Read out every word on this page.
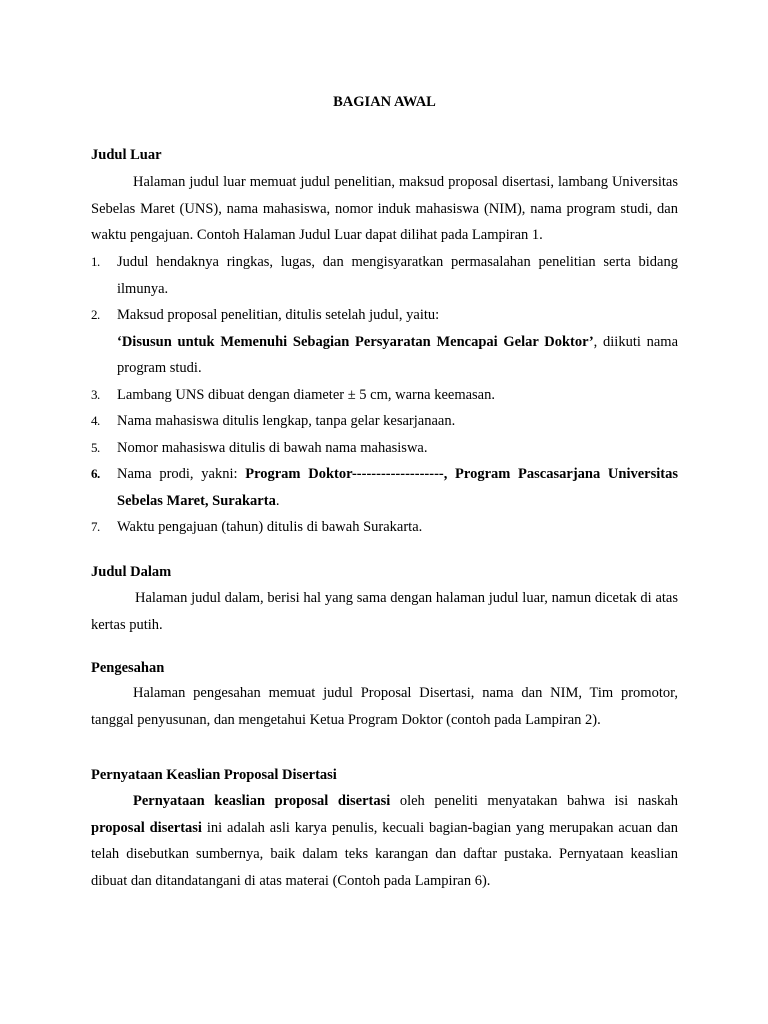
BAGIAN AWAL
Judul Luar

Halaman judul luar memuat judul penelitian, maksud proposal disertasi, lambang Universitas Sebelas Maret (UNS), nama mahasiswa, nomor induk mahasiswa (NIM), nama program studi, dan waktu pengajuan. Contoh Halaman Judul Luar dapat dilihat pada Lampiran 1.

1.	Judul hendaknya ringkas, lugas, dan mengisyaratkan permasalahan penelitian serta bidang ilmunya.
2.	Maksud proposal penelitian, ditulis setelah judul, yaitu:
‘Disusun untuk Memenuhi Sebagian Persyaratan Mencapai Gelar Doktor’, diikuti nama program studi.
3.	Lambang UNS dibuat dengan diameter ± 5 cm, warna keemasan.
4.	Nama mahasiswa ditulis lengkap, tanpa gelar kesarjanaan.
5.	Nomor mahasiswa ditulis di bawah nama mahasiswa.
6.	Nama prodi, yakni: Program Doktor-------------------, Program Pascasarjana Universitas Sebelas Maret, Surakarta.
7.	Waktu pengajuan (tahun) ditulis di bawah Surakarta.
Judul Dalam

Halaman judul dalam, berisi hal yang sama dengan halaman judul luar, namun dicetak di atas kertas putih.

Pengesahan

Halaman pengesahan memuat judul Proposal Disertasi, nama dan NIM, Tim promotor, tanggal penyusunan, dan mengetahui Ketua Program Doktor (contoh pada Lampiran 2).

Pernyataan Keaslian Proposal Disertasi

Pernyataan keaslian proposal disertasi oleh peneliti menyatakan bahwa isi naskah proposal disertasi ini adalah asli karya penulis, kecuali bagian-bagian yang merupakan acuan dan telah disebutkan sumbernya, baik dalam teks karangan dan daftar pustaka. Pernyataan keaslian dibuat dan ditandatangani di atas materai (Contoh pada Lampiran 6).
